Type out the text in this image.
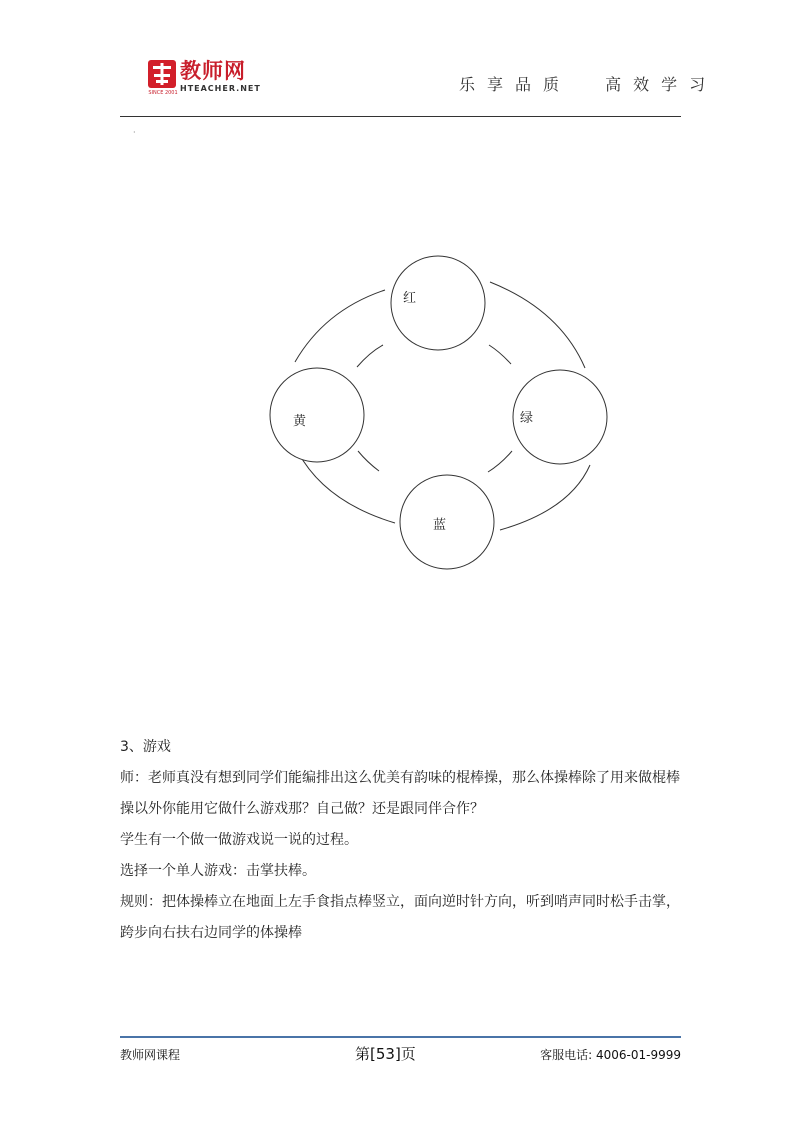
SINCE 2001
教师网
HTEACHER.NET	乐享品质  高效学习
·
红
黄	绿
蓝

3、游戏

师：老师真没有想到同学们能编排出这么优美有韵味的棍棒操，那么体操棒除了用来做棍棒操以外你能用它做什么游戏那？自己做？还是跟同伴合作？

学生有一个做一做游戏说一说的过程。

选择一个单人游戏：击掌扶棒。

规则：把体操棒立在地面上左手食指点棒竖立，面向逆时针方向，听到哨声同时松手击掌，跨步向右扶右边同学的体操棒

教师网课程	第[53]页	客服电话: 4006-01-9999
